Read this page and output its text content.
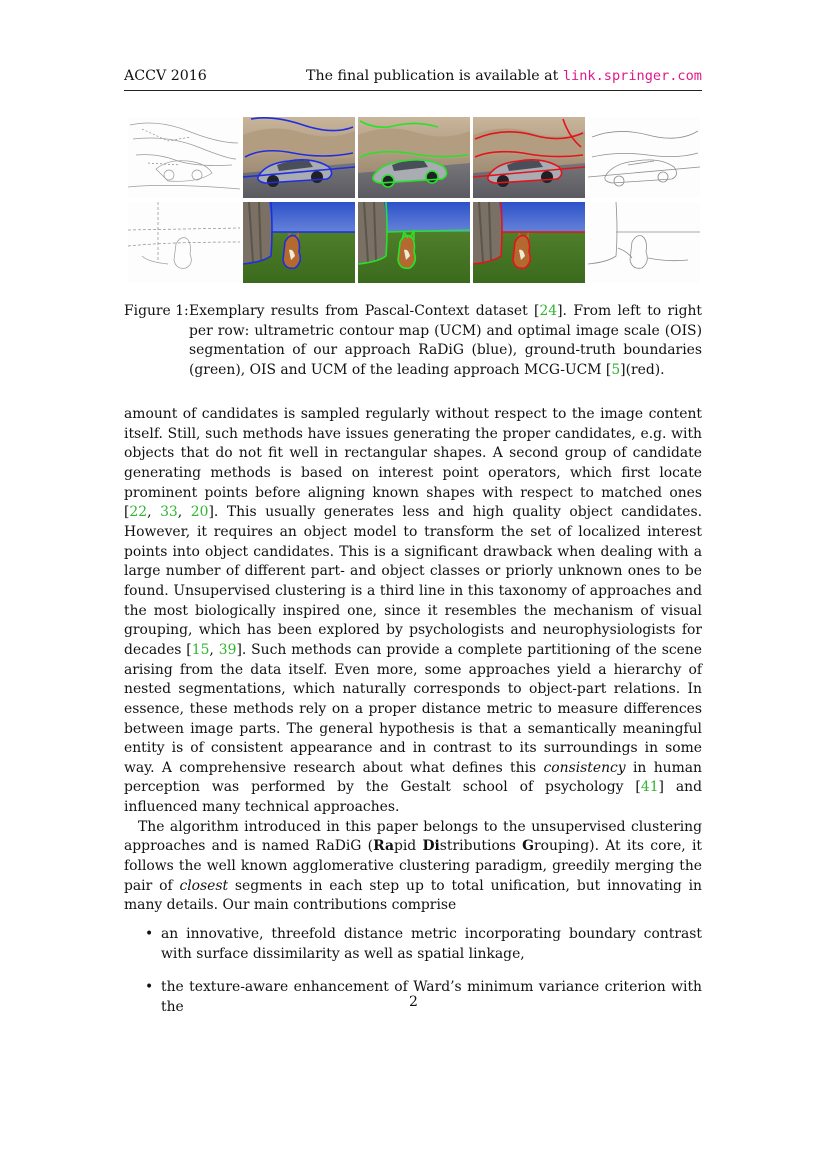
ACCV 2016	The final publication is available at link.springer.com
Figure 1: Exemplary results from Pascal-Context dataset [24]. From left to right per row: ultrametric contour map (UCM) and optimal image scale (OIS) segmentation of our approach RaDiG (blue), ground-truth boundaries (green), OIS and UCM of the leading approach MCG-UCM [5](red).

amount of candidates is sampled regularly without respect to the image content itself. Still, such methods have issues generating the proper candidates, e.g. with objects that do not fit well in rectangular shapes. A second group of candidate generating methods is based on interest point operators, which first locate prominent points before aligning known shapes with respect to matched ones [22, 33, 20]. This usually generates less and high quality object candidates. However, it requires an object model to transform the set of localized interest points into object candidates. This is a significant drawback when dealing with a large number of different part- and object classes or priorly unknown ones to be found. Unsupervised clustering is a third line in this taxonomy of approaches and the most biologically inspired one, since it resembles the mechanism of visual grouping, which has been explored by psychologists and neurophysiologists for decades [15, 39]. Such methods can provide a complete partitioning of the scene arising from the data itself. Even more, some approaches yield a hierarchy of nested segmentations, which naturally corresponds to object-part relations. In essence, these methods rely on a proper distance metric to measure differences between image parts. The general hypothesis is that a semantically meaningful entity is of consistent appearance and in contrast to its surroundings in some way. A comprehensive research about what defines this consistency in human perception was performed by the Gestalt school of psychology [41] and influenced many technical approaches.

The algorithm introduced in this paper belongs to the unsupervised clustering approaches and is named RaDiG (Rapid Distributions Grouping). At its core, it follows the well known agglomerative clustering paradigm, greedily merging the pair of closest segments in each step up to total unification, but innovating in many details. Our main contributions comprise

• an innovative, threefold distance metric incorporating boundary contrast with surface dissimilarity as well as spatial linkage,
• the texture-aware enhancement of Ward’s minimum variance criterion with the	2
